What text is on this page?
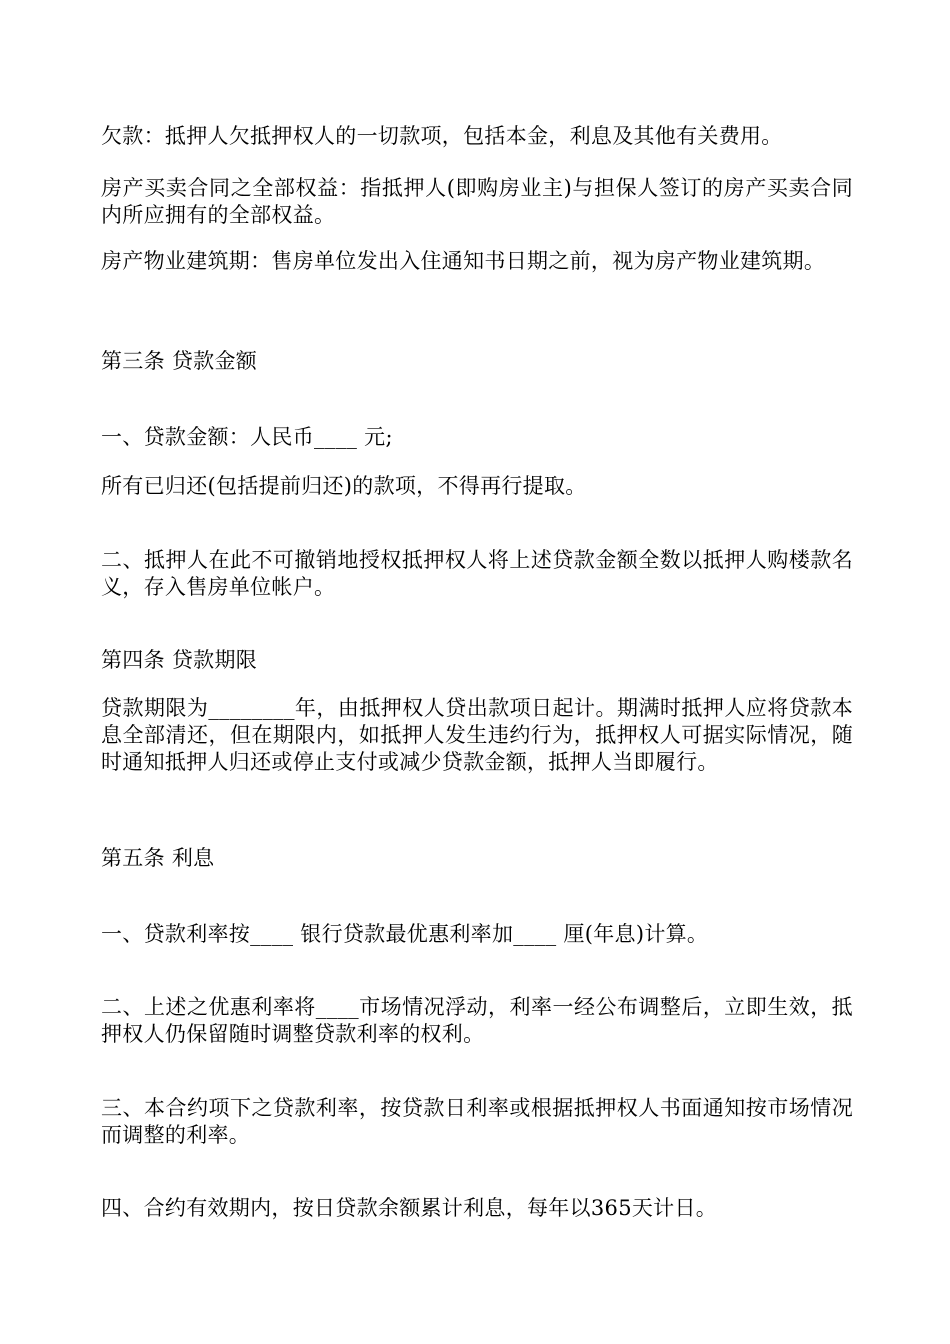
欠款：抵押人欠抵押权人的一切款项，包括本金，利息及其他有关费用。

房产买卖合同之全部权益：指抵押人(即购房业主)与担保人签订的房产买卖合同内所应拥有的全部权益。

房产物业建筑期：售房单位发出入住通知书日期之前，视为房产物业建筑期。

第三条 贷款金额

一、贷款金额：人民币____ 元;

所有已归还(包括提前归还)的款项，不得再行提取。

二、抵押人在此不可撤销地授权抵押权人将上述贷款金额全数以抵押人购楼款名义，存入售房单位帐户。

第四条 贷款期限

贷款期限为________年，由抵押权人贷出款项日起计。期满时抵押人应将贷款本息全部清还，但在期限内，如抵押人发生违约行为，抵押权人可据实际情况，随时通知抵押人归还或停止支付或减少贷款金额，抵押人当即履行。

第五条 利息

一、贷款利率按____ 银行贷款最优惠利率加____ 厘(年息)计算。

二、上述之优惠利率将____市场情况浮动，利率一经公布调整后，立即生效，抵押权人仍保留随时调整贷款利率的权利。

三、本合约项下之贷款利率，按贷款日利率或根据抵押权人书面通知按市场情况而调整的利率。

四、合约有效期内，按日贷款余额累计利息，每年以365天计日。
